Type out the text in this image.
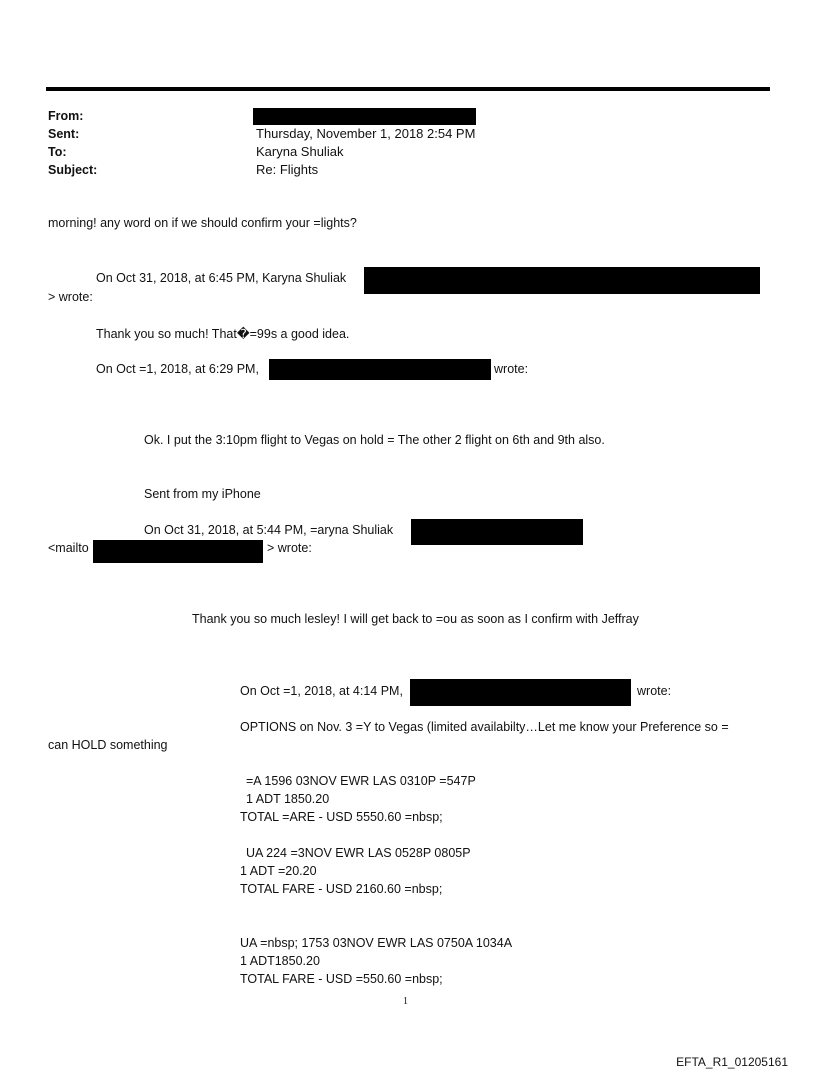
From:
Sent:	Thursday, November 1, 2018 2:54 PM
To:	Karyna Shuliak
Subject:	Re: Flights
morning! any word on if we should confirm your =lights?
On Oct 31, 2018, at 6:45 PM, Karyna Shuliak
> wrote:
Thank you so much! That�=99s a good idea.
On Oct =1, 2018, at 6:29 PM,	wrote:
Ok. I put the 3:10pm flight to Vegas on hold = The other 2 flight on 6th and 9th also.
Sent from my iPhone
On Oct 31, 2018, at 5:44 PM, =aryna Shuliak
<mailto	> wrote:
Thank you so much lesley! I will get back to =ou as soon as I confirm with Jeffray
On Oct =1, 2018, at 4:14 PM,	wrote:
OPTIONS on Nov. 3 =Y to Vegas (limited availabilty…Let me know your Preference so =
can HOLD something
=A 1596 03NOV EWR LAS 0310P =547P
1 ADT 1850.20
TOTAL =ARE - USD 5550.60 =nbsp;
UA 224 =3NOV EWR LAS 0528P 0805P
1 ADT =20.20
TOTAL FARE - USD 2160.60 =nbsp;
UA =nbsp; 1753 03NOV EWR LAS 0750A 1034A
1 ADT1850.20
TOTAL FARE - USD =550.60 =nbsp;
1
EFTA_R1_01205161
